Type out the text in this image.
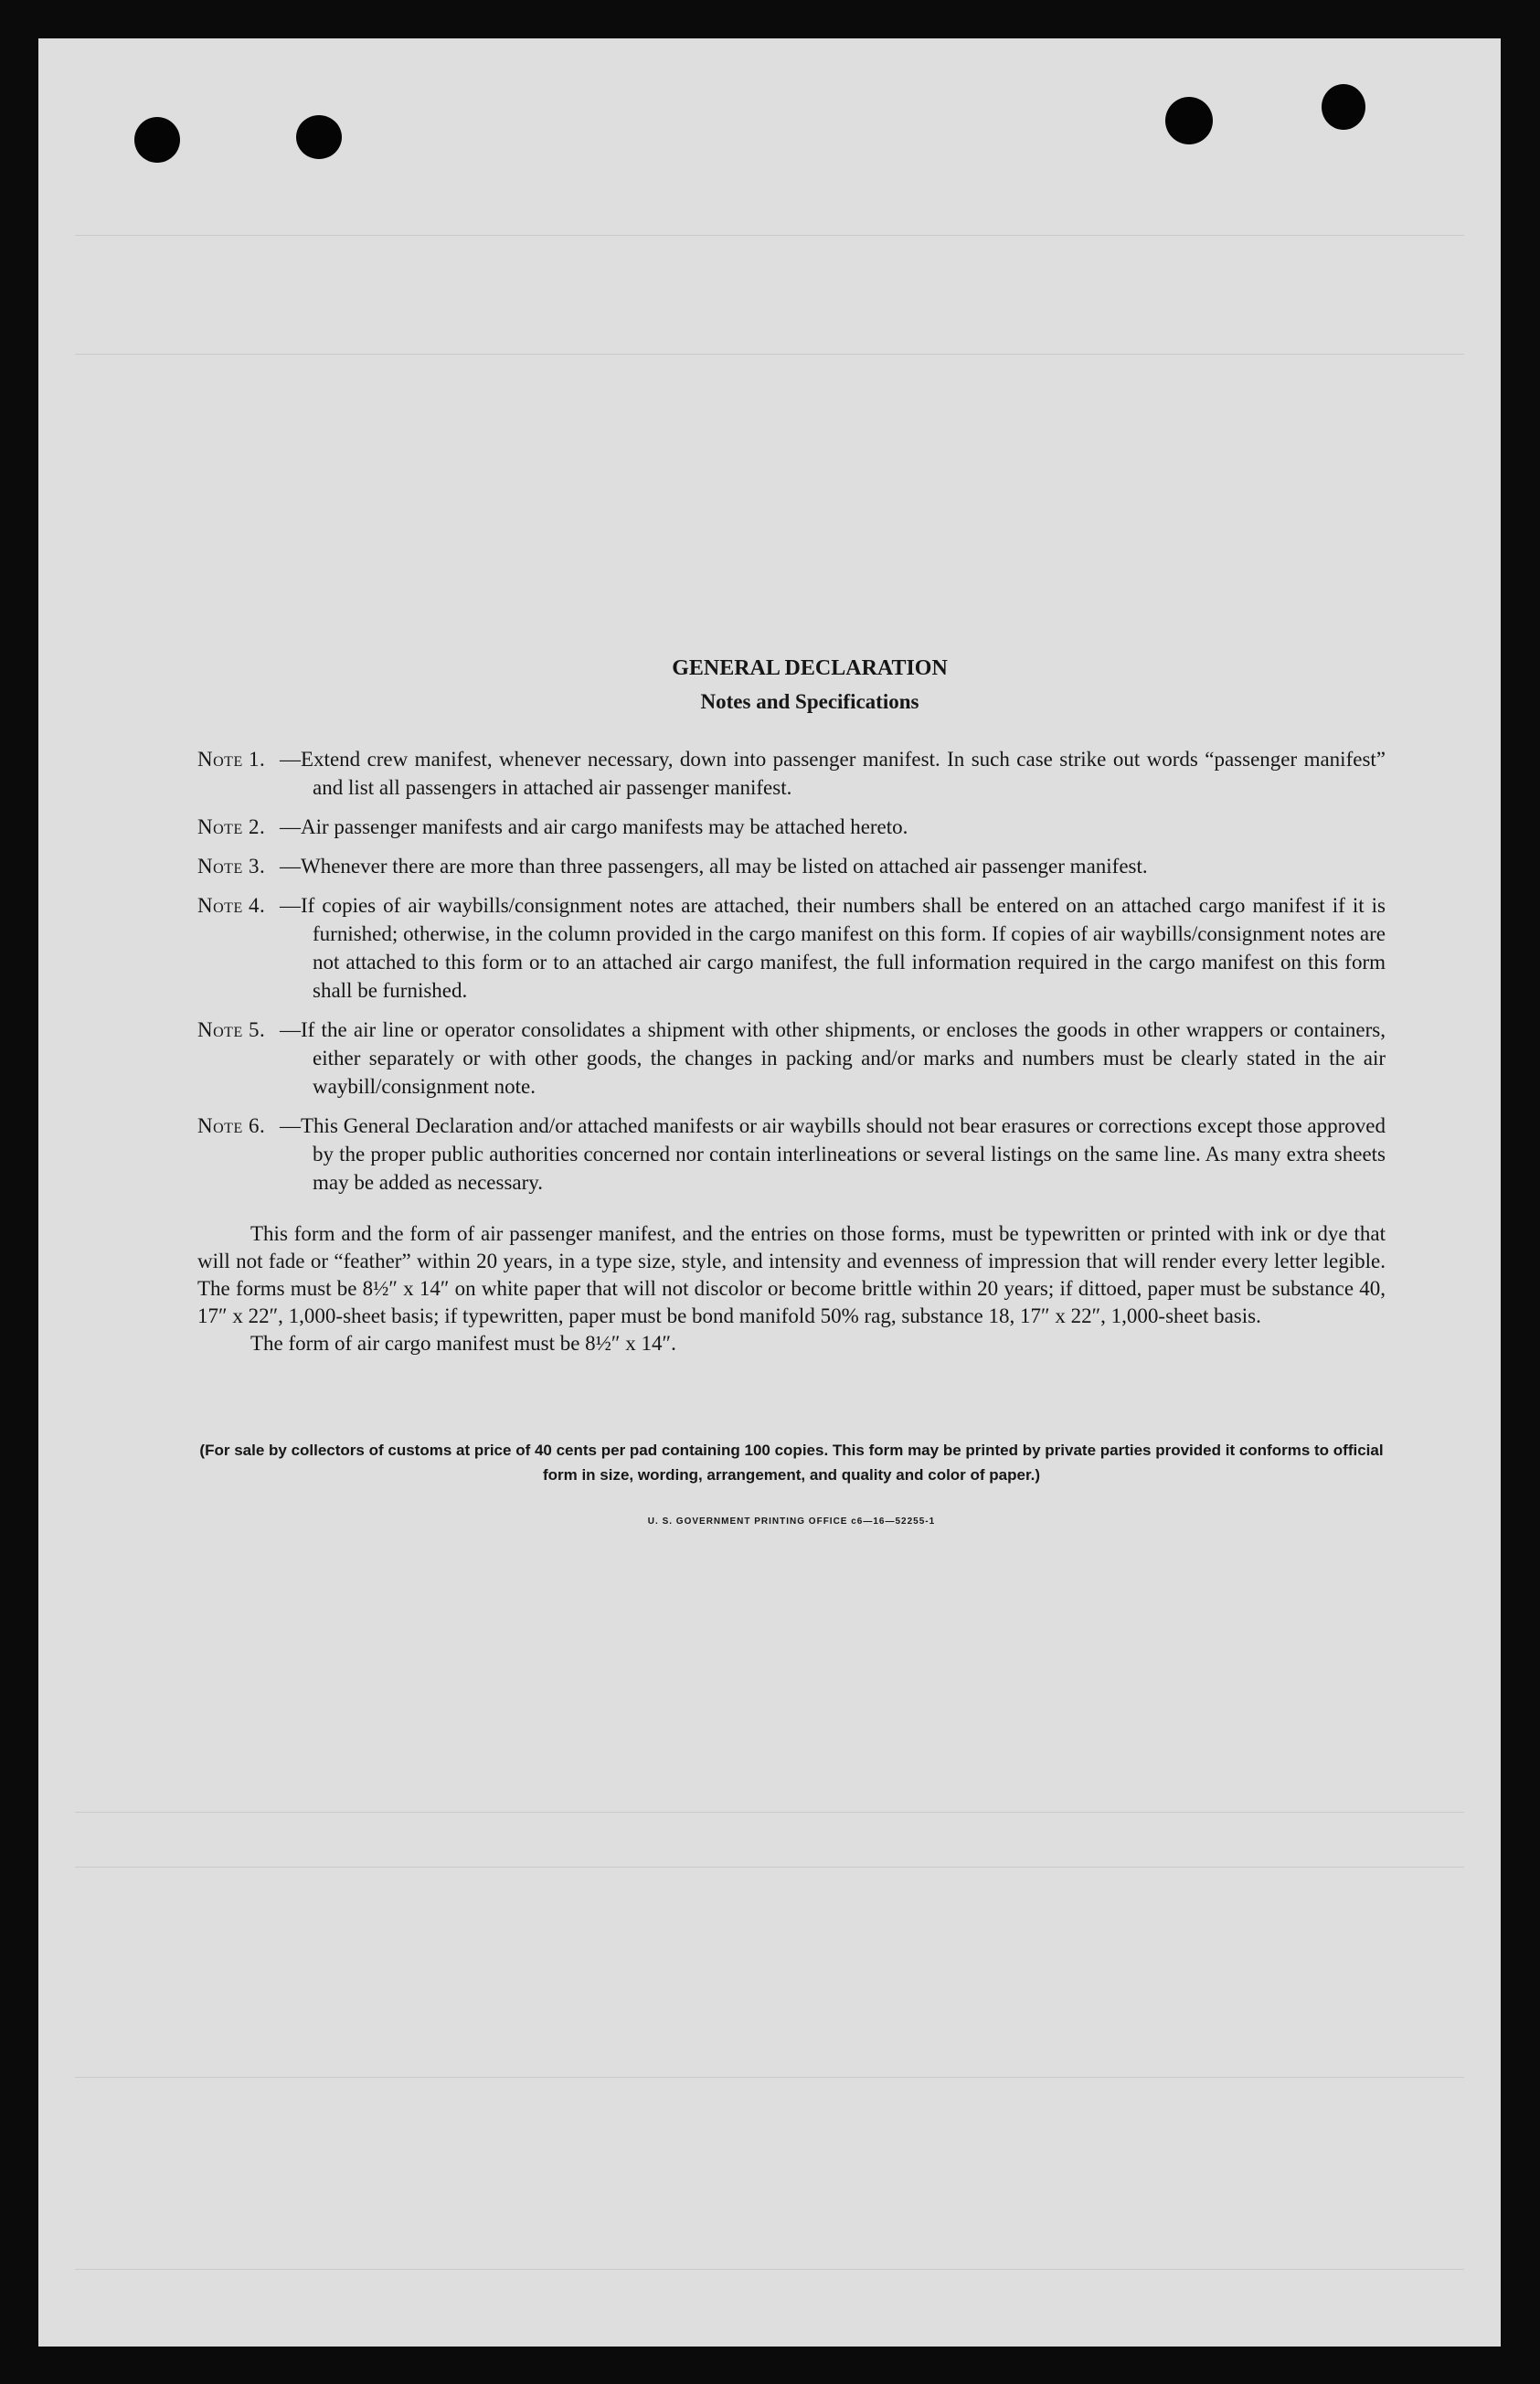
GENERAL DECLARATION
Notes and Specifications
Note 1. —Extend crew manifest, whenever necessary, down into passenger manifest. In such case strike out words “passenger manifest” and list all passengers in attached air passenger manifest.
Note 2. —Air passenger manifests and air cargo manifests may be attached hereto.
Note 3. —Whenever there are more than three passengers, all may be listed on attached air passenger manifest.
Note 4. —If copies of air waybills/consignment notes are attached, their numbers shall be entered on an attached cargo manifest if it is furnished; otherwise, in the column provided in the cargo manifest on this form. If copies of air waybills/consignment notes are not attached to this form or to an attached air cargo manifest, the full information required in the cargo manifest on this form shall be furnished.
Note 5. —If the air line or operator consolidates a shipment with other shipments, or encloses the goods in other wrappers or containers, either separately or with other goods, the changes in packing and/or marks and numbers must be clearly stated in the air waybill/consignment note.
Note 6. —This General Declaration and/or attached manifests or air waybills should not bear erasures or corrections except those approved by the proper public authorities concerned nor contain interlineations or several listings on the same line. As many extra sheets may be added as necessary.
This form and the form of air passenger manifest, and the entries on those forms, must be typewritten or printed with ink or dye that will not fade or “feather” within 20 years, in a type size, style, and intensity and evenness of impression that will render every letter legible. The forms must be 8½″ x 14″ on white paper that will not discolor or become brittle within 20 years; if dittoed, paper must be substance 40, 17″ x 22″, 1,000-sheet basis; if typewritten, paper must be bond manifold 50% rag, substance 18, 17″ x 22″, 1,000-sheet basis.
The form of air cargo manifest must be 8½″ x 14″.
(For sale by collectors of customs at price of 40 cents per pad containing 100 copies. This form may be printed by private parties provided it conforms to official form in size, wording, arrangement, and quality and color of paper.)
U. S. GOVERNMENT PRINTING OFFICE c6—16—52255-1
